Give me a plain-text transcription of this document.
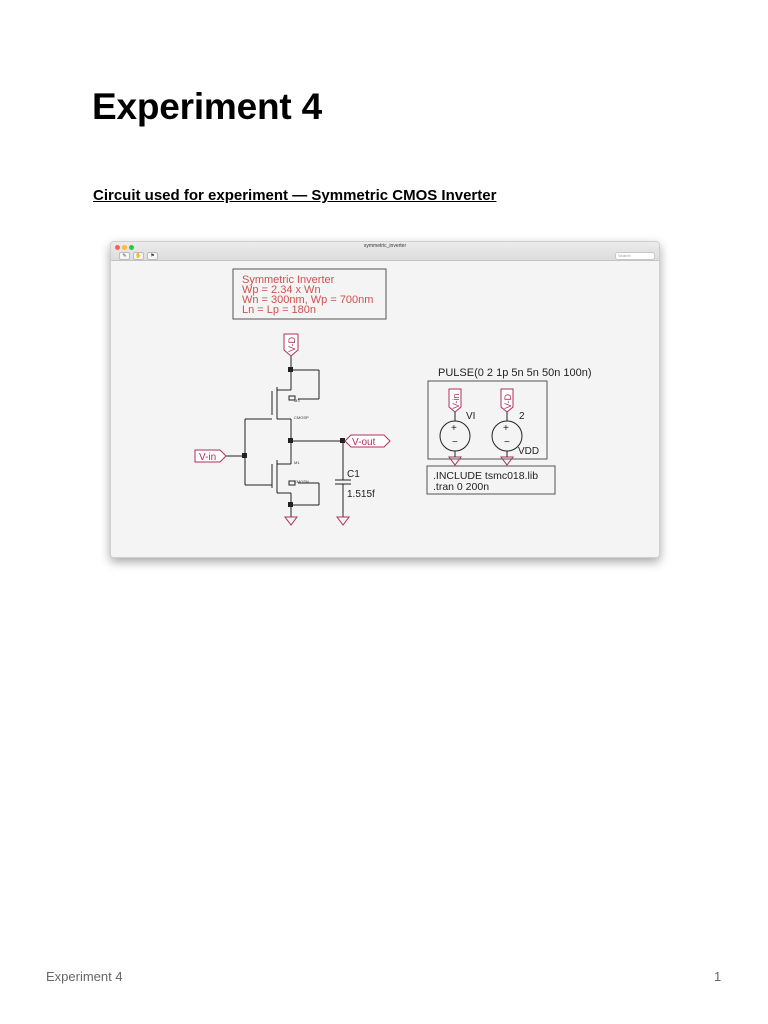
Experiment 4
Circuit used for experiment — Symmetric CMOS Inverter
symmetric_inverter
✎	✋	⚑	Search
Symmetric Inverter
Wp = 2.34 x Wn
Wn = 300nm, Wp = 700nm
Ln = Lp = 180n
V-D
V-in
V-out
M3
CMOSP
M1
CMOSN
C1
1.515f
PULSE(0 2 1p 5n 5n 50n 100n)
V-in	V-D
+
−
+
−
VI	2
VDD
.INCLUDE tsmc018.lib
.tran 0 200n
Experiment 4	1
